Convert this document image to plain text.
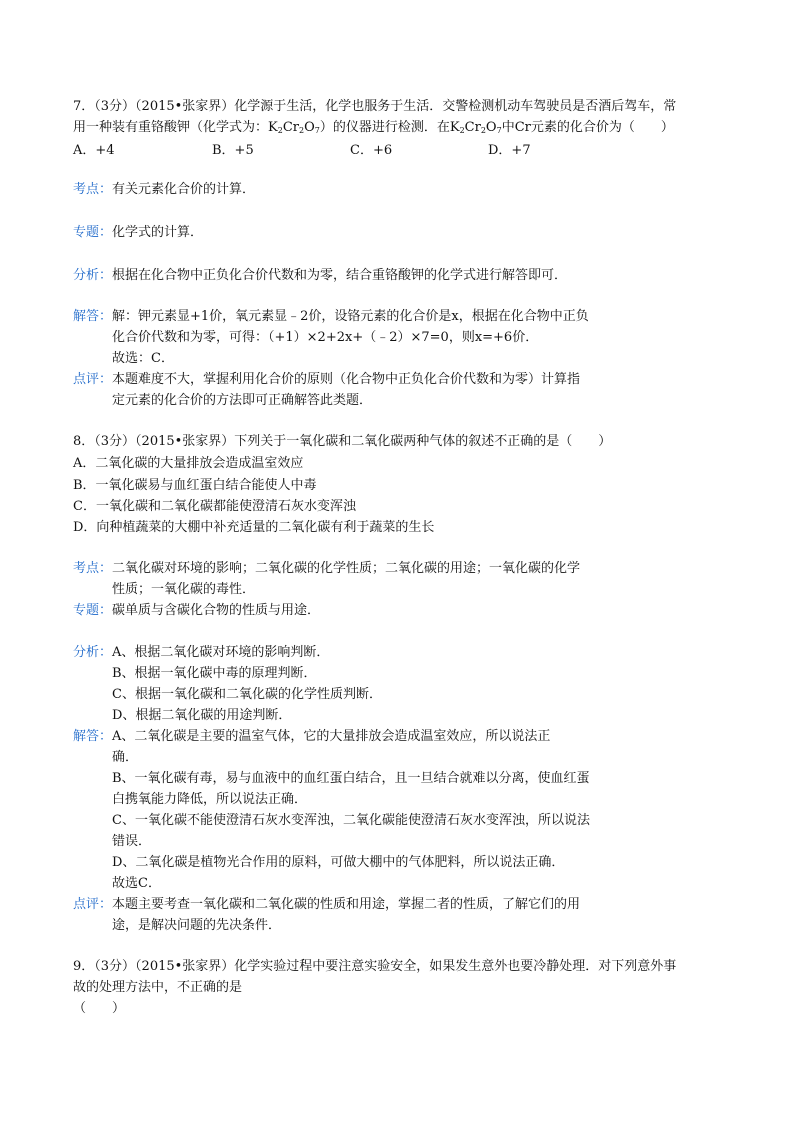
7．（3分）（2015•张家界）化学源于生活，化学也服务于生活．交警检测机动车驾驶员是否酒后驾车，常
用一种装有重铬酸钾（化学式为：$K_2Cr_2O_7$）的仪器进行检测．在$K_2Cr_2O_7$中Cr元素的化合价为（　　）
A．+4	B．+5	C．+6	D．+7
考点： 有关元素化合价的计算．
专题： 化学式的计算．
分析： 根据在化合物中正负化合价代数和为零，结合重铬酸钾的化学式进行解答即可．
解答： 解：钾元素显+1价，氧元素显﹣2价，设铬元素的化合价是x，根据在化合物中正负
化合价代数和为零，可得：（+1）×2+2x+（﹣2）×7=0，则x=+6价．
故选：C．
点评： 本题难度不大，掌握利用化合价的原则（化合物中正负化合价代数和为零）计算指
定元素的化合价的方法即可正确解答此类题．
8．（3分）（2015•张家界）下列关于一氧化碳和二氧化碳两种气体的叙述不正确的是（　　）
A．二氧化碳的大量排放会造成温室效应
B．一氧化碳易与血红蛋白结合能使人中毒
C．一氧化碳和二氧化碳都能使澄清石灰水变浑浊
D．向种植蔬菜的大棚中补充适量的二氧化碳有利于蔬菜的生长
考点： 二氧化碳对环境的影响；二氧化碳的化学性质；二氧化碳的用途；一氧化碳的化学
性质；一氧化碳的毒性．
专题： 碳单质与含碳化合物的性质与用途．
分析： A、根据二氧化碳对环境的影响判断．
B、根据一氧化碳中毒的原理判断．
C、根据一氧化碳和二氧化碳的化学性质判断．
D、根据二氧化碳的用途判断．
解答： A、二氧化碳是主要的温室气体，它的大量排放会造成温室效应，所以说法正
确．
B、一氧化碳有毒，易与血液中的血红蛋白结合，且一旦结合就难以分离，使血红蛋
白携氧能力降低，所以说法正确．
C、一氧化碳不能使澄清石灰水变浑浊，二氧化碳能使澄清石灰水变浑浊，所以说法
错误．
D、二氧化碳是植物光合作用的原料，可做大棚中的气体肥料，所以说法正确．
故选C．
点评： 本题主要考查一氧化碳和二氧化碳的性质和用途，掌握二者的性质，了解它们的用
途，是解决问题的先决条件．
9．（3分）（2015•张家界）化学实验过程中要注意实验安全，如果发生意外也要冷静处理．对下列意外事
故的处理方法中，不正确的是
（　　）
